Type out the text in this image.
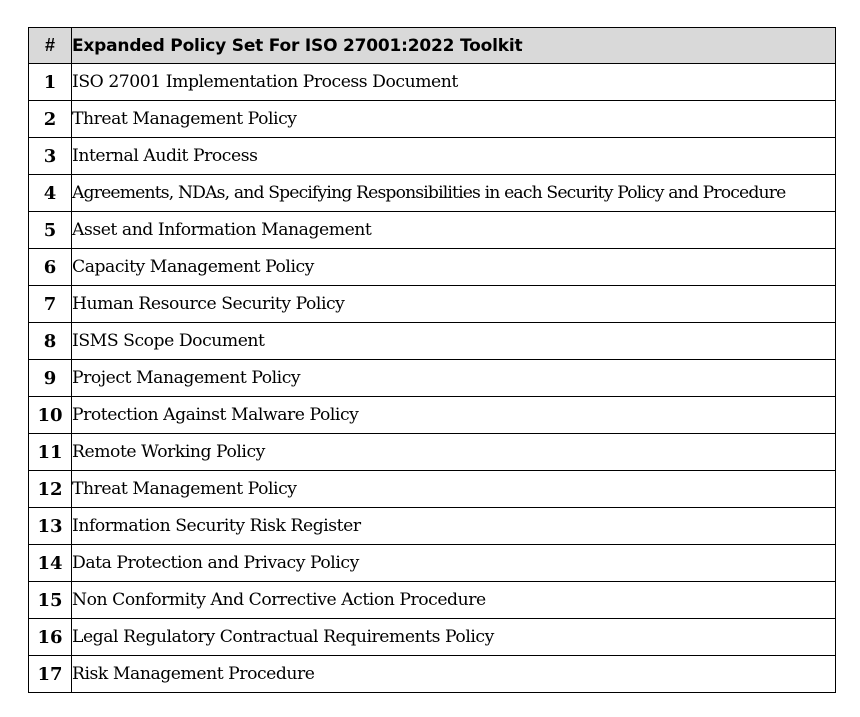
#	Expanded Policy Set For ISO 27001:2022 Toolkit
1	ISO 27001 Implementation Process Document
2	Threat Management Policy
3	Internal Audit Process
4	Agreements, NDAs, and Specifying Responsibilities in each Security Policy and Procedure
5	Asset and Information Management
6	Capacity Management Policy
7	Human Resource Security Policy
8	ISMS Scope Document
9	Project Management Policy
10	Protection Against Malware Policy
11	Remote Working Policy
12	Threat Management Policy
13	Information Security Risk Register
14	Data Protection and Privacy Policy
15	Non Conformity And Corrective Action Procedure
16	Legal Regulatory Contractual Requirements Policy
17	Risk Management Procedure
